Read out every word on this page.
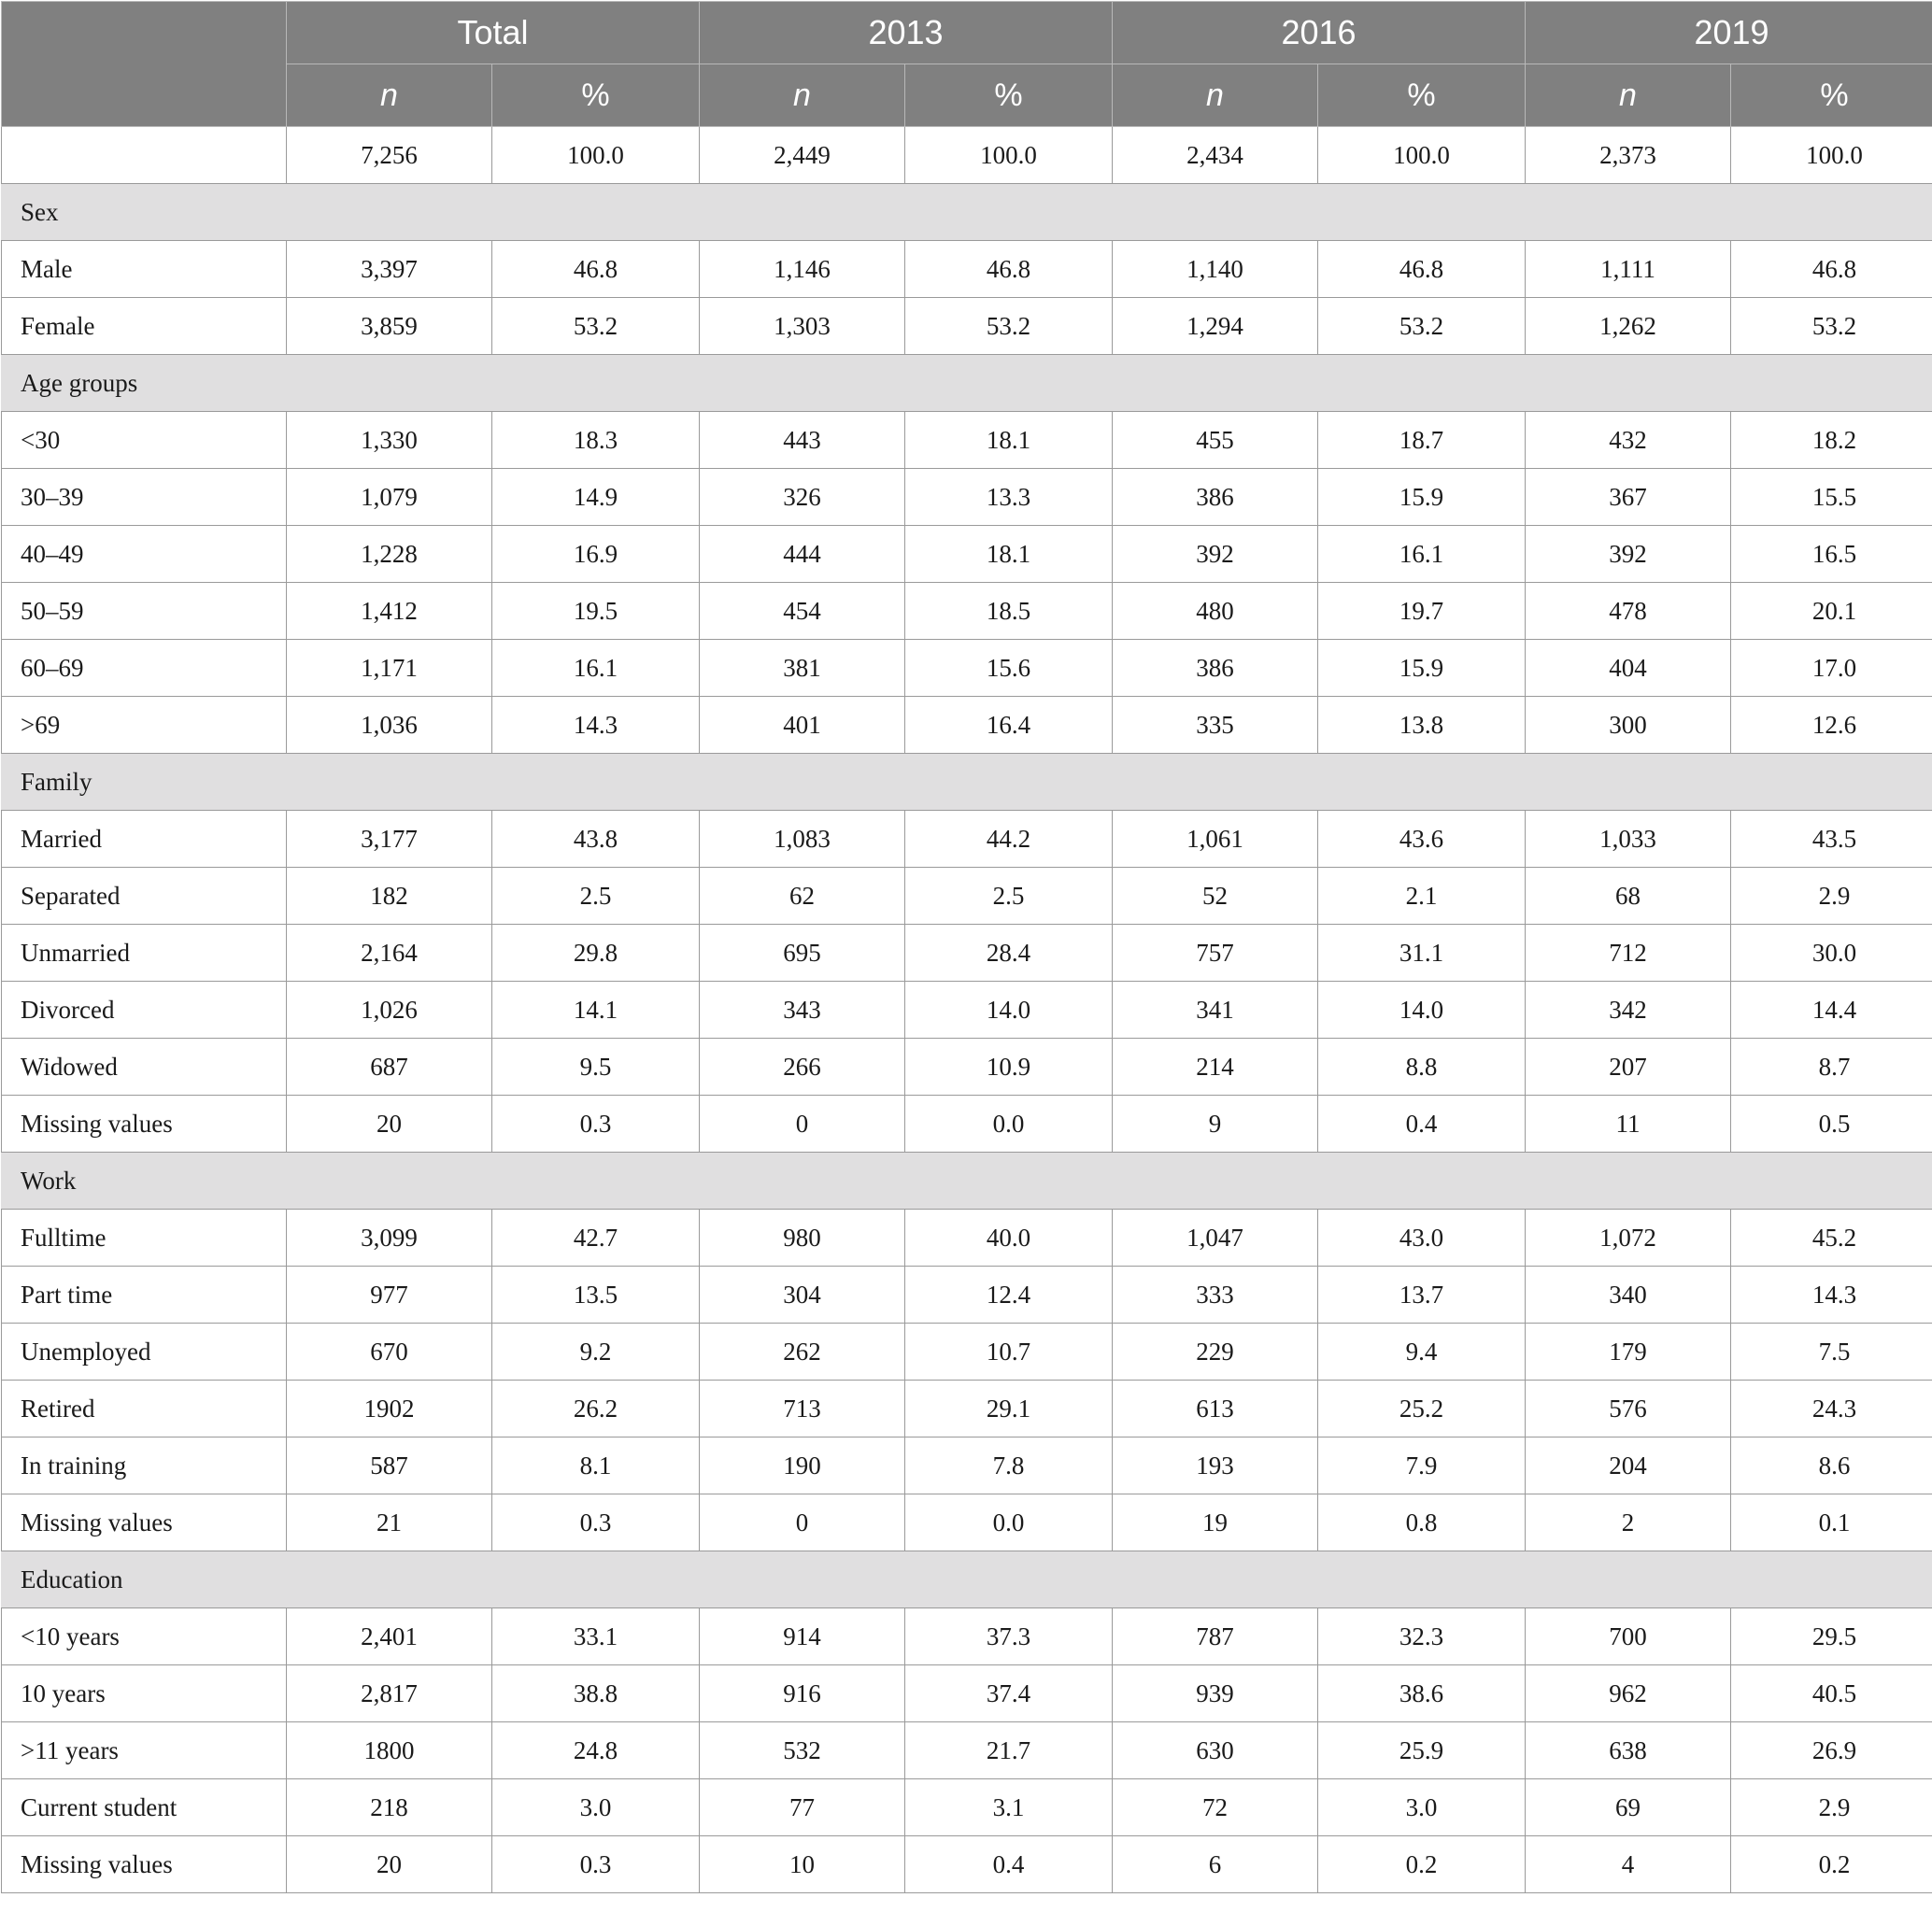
	Total		2013		2016		2019	
	n	%	n	%	n	%	n	%
	7,256	100.0	2,449	100.0	2,434	100.0	2,373	100.0
Sex								
Male	3,397	46.8	1,146	46.8	1,140	46.8	1,111	46.8
Female	3,859	53.2	1,303	53.2	1,294	53.2	1,262	53.2
Age groups								
<30	1,330	18.3	443	18.1	455	18.7	432	18.2
30–39	1,079	14.9	326	13.3	386	15.9	367	15.5
40–49	1,228	16.9	444	18.1	392	16.1	392	16.5
50–59	1,412	19.5	454	18.5	480	19.7	478	20.1
60–69	1,171	16.1	381	15.6	386	15.9	404	17.0
>69	1,036	14.3	401	16.4	335	13.8	300	12.6
Family								
Married	3,177	43.8	1,083	44.2	1,061	43.6	1,033	43.5
Separated	182	2.5	62	2.5	52	2.1	68	2.9
Unmarried	2,164	29.8	695	28.4	757	31.1	712	30.0
Divorced	1,026	14.1	343	14.0	341	14.0	342	14.4
Widowed	687	9.5	266	10.9	214	8.8	207	8.7
Missing values	20	0.3	0	0.0	9	0.4	11	0.5
Work								
Fulltime	3,099	42.7	980	40.0	1,047	43.0	1,072	45.2
Part time	977	13.5	304	12.4	333	13.7	340	14.3
Unemployed	670	9.2	262	10.7	229	9.4	179	7.5
Retired	1902	26.2	713	29.1	613	25.2	576	24.3
In training	587	8.1	190	7.8	193	7.9	204	8.6
Missing values	21	0.3	0	0.0	19	0.8	2	0.1
Education								
<10 years	2,401	33.1	914	37.3	787	32.3	700	29.5
10 years	2,817	38.8	916	37.4	939	38.6	962	40.5
>11 years	1800	24.8	532	21.7	630	25.9	638	26.9
Current student	218	3.0	77	3.1	72	3.0	69	2.9
Missing values	20	0.3	10	0.4	6	0.2	4	0.2
